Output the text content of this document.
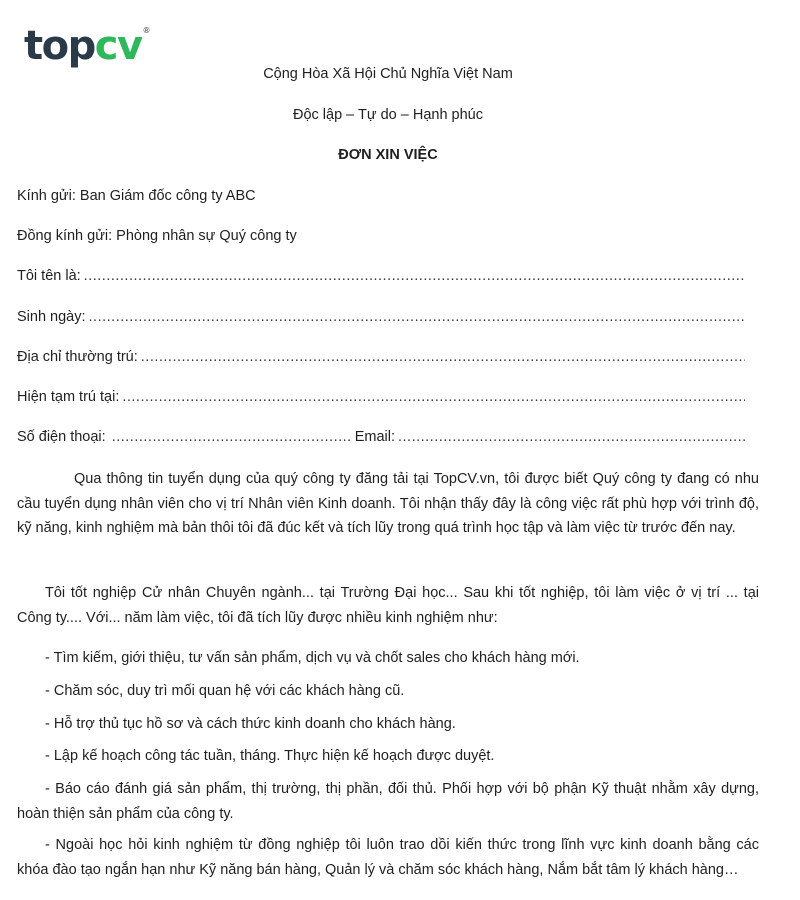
topcv®
Cộng Hòa Xã Hội Chủ Nghĩa Việt Nam
Độc lập – Tự do – Hạnh phúc
ĐƠN XIN VIỆC
Kính gửi: Ban Giám đốc công ty ABC
Đồng kính gửi: Phòng nhân sự Quý công ty
Tôi tên là:
.....
Sinh ngày:
.....
Địa chỉ thường trú:
.....
Hiện tạm trú tại:
.....
Số điện thoại:
.....	Email:
.....
Qua thông tin tuyển dụng của quý công ty đăng tải tại TopCV.vn, tôi được biết Quý công ty đang có nhu cầu tuyển dụng nhân viên cho vị trí Nhân viên Kinh doanh. Tôi nhận thấy đây là công việc rất phù hợp với trình độ, kỹ năng, kinh nghiệm mà bản thôi tôi đã đúc kết và tích lũy trong quá trình học tập và làm việc từ trước đến nay.
Tôi tốt nghiệp Cử nhân Chuyên ngành... tại Trường Đại học... Sau khi tốt nghiệp, tôi làm việc ở vị trí ... tại Công ty.... Với... năm làm việc, tôi đã tích lũy được nhiều kinh nghiệm như:
- Tìm kiếm, giới thiệu, tư vấn sản phẩm, dịch vụ và chốt sales cho khách hàng mới.
- Chăm sóc, duy trì mối quan hệ với các khách hàng cũ.
- Hỗ trợ thủ tục hồ sơ và cách thức kinh doanh cho khách hàng.
- Lập kế hoạch công tác tuần, tháng. Thực hiện kế hoạch được duyệt.
- Báo cáo đánh giá sản phẩm, thị trường, thị phần, đối thủ. Phối hợp với bộ phận Kỹ thuật nhằm xây dựng, hoàn thiện sản phẩm của công ty.
- Ngoài học hỏi kinh nghiệm từ đồng nghiệp tôi luôn trao dồi kiến thức trong lĩnh vực kinh doanh bằng các khóa đào tạo ngắn hạn như Kỹ năng bán hàng, Quản lý và chăm sóc khách hàng, Nắm bắt tâm lý khách hàng…
